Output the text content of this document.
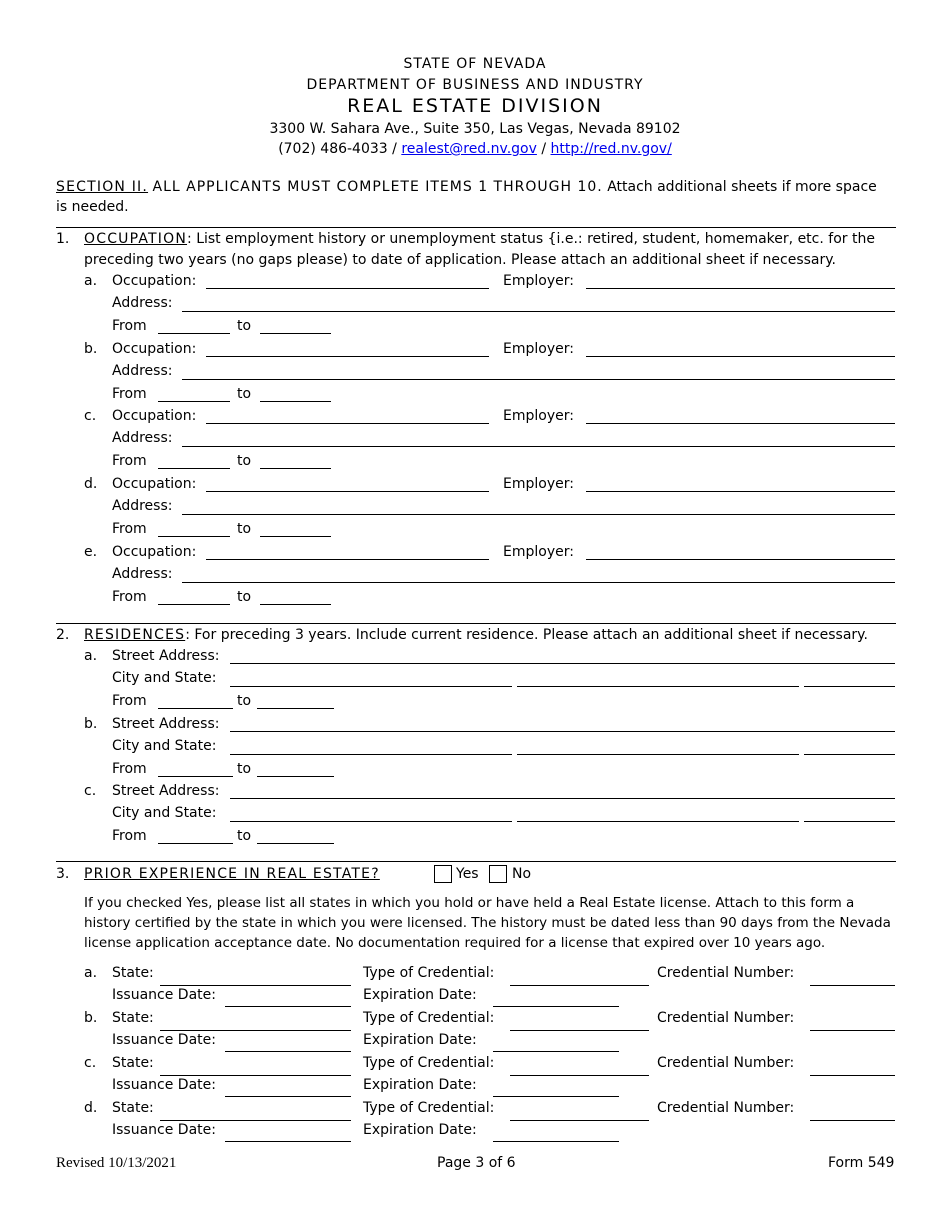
STATE OF NEVADA
DEPARTMENT OF BUSINESS AND INDUSTRY
REAL ESTATE DIVISION
3300 W. Sahara Ave., Suite 350, Las Vegas, Nevada 89102
(702) 486-4033 / realest@red.nv.gov / http://red.nv.gov/
SECTION II. ALL APPLICANTS MUST COMPLETE ITEMS 1 THROUGH 10. Attach additional sheets if more space
is needed.
1. OCCUPATION: List employment history or unemployment status {i.e.: retired, student, homemaker, etc. for the
preceding two years (no gaps please) to date of application. Please attach an additional sheet if necessary.
a. Occupation:	Employer:
Address:
From	to
b. Occupation:	Employer:
Address:
From	to
c. Occupation:	Employer:
Address:
From	to
d. Occupation:	Employer:
Address:
From	to
e. Occupation:	Employer:
Address:
From	to
2. RESIDENCES: For preceding 3 years. Include current residence. Please attach an additional sheet if necessary.
a. Street Address:
City and State:
From	to
b. Street Address:
City and State:
From	to
c. Street Address:
City and State:
From	to
3. PRIOR EXPERIENCE IN REAL ESTATE?	Yes No
If you checked Yes, please list all states in which you hold or have held a Real Estate license. Attach to this form a history certified by the state in which you were licensed. The history must be dated less than 90 days from the Nevada license application acceptance date. No documentation required for a license that expired over 10 years ago.
a. State:	Type of Credential:	Credential Number:
Issuance Date:	Expiration Date:
b. State:	Type of Credential:	Credential Number:
Issuance Date:	Expiration Date:
c. State:	Type of Credential:	Credential Number:
Issuance Date:	Expiration Date:
d. State:	Type of Credential:	Credential Number:
Issuance Date:	Expiration Date:
Revised 10/13/2021	Page 3 of 6	Form 549
